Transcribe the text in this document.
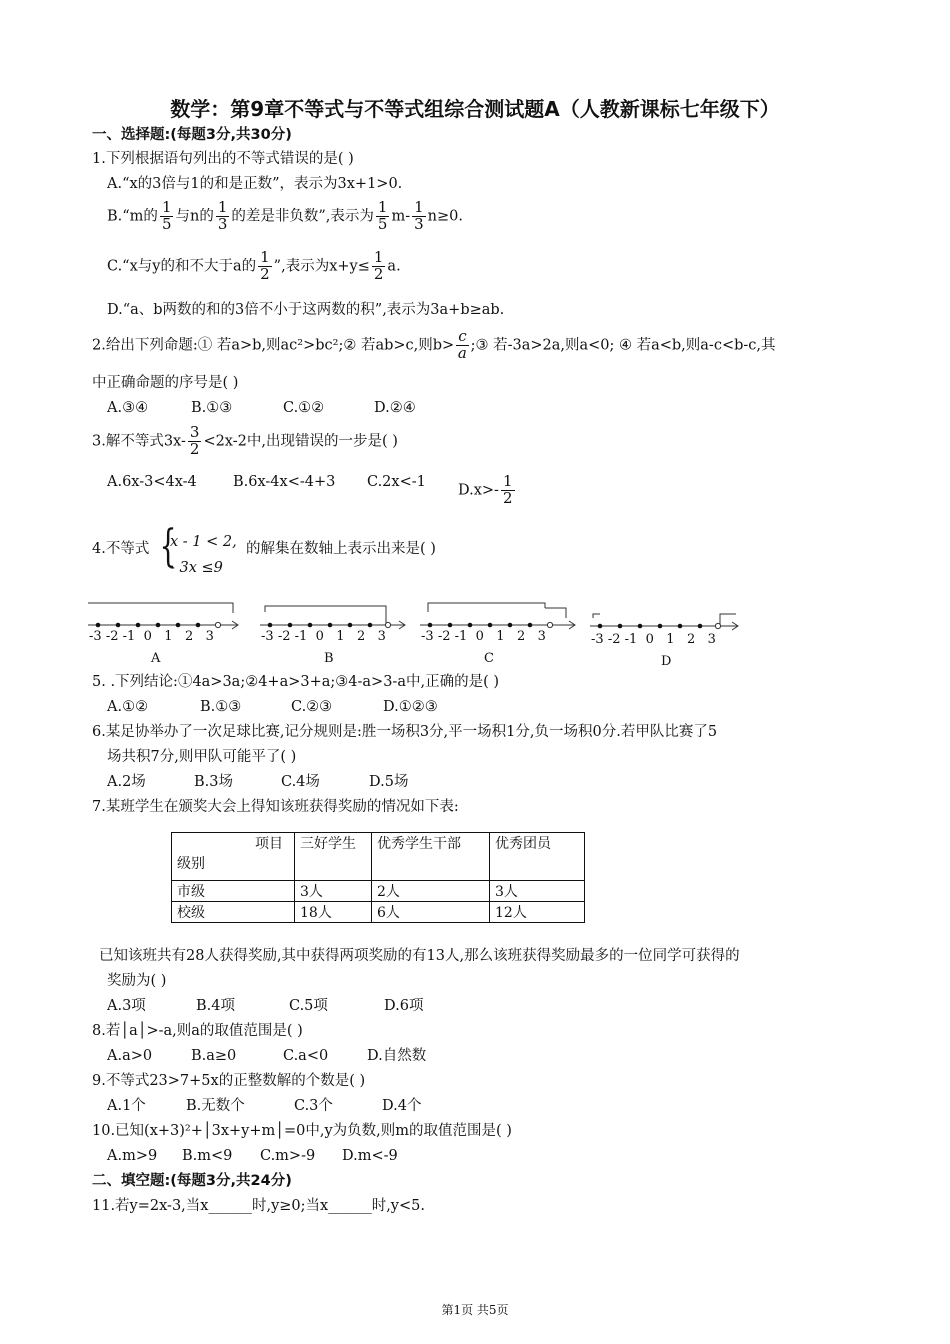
数学：第9章不等式与不等式组综合测试题A（人教新课标七年级下）
一、选择题:(每题3分,共30分)
1.下列根据语句列出的不等式错误的是( )
A.“x的3倍与1的和是正数”，表示为3x+1>0.
B.“m的 $\frac{1}{5}$ 与n的 $\frac{1}{3}$ 的差是非负数”,表示为 $\frac{1}{5} m- \frac{1}{3} n\ge 0$.
C.“x与y的和不大于a的 $\frac{1}{2}$ ”,表示为$x+y\le \frac{1}{2} a$.
D.“a、b两数的和的3倍不小于这两数的积”,表示为3a+b≥ab.
2.给出下列命题:① 若a>b,则ac²>bc²;② 若ab>c,则$b> \frac{c}{a}$ ;③ 若-3a>2a,则a<0; ④ 若a<b,则a-c<b-c,其
中正确命题的序号是( )
A.③④	B.①③	C.①②	D.②④
3.解不等式$3x- \frac{3}{2} <2x-2$中,出现错误的一步是( )
A.6x-3<4x-4 B.6x-4x<-4+3 C.2x<-1
$D.x>- \frac{1}{2}$
4.不等式 {
x - 1 < 2,
- 3x ≤9
的解集在数轴上表示出来是( )
-3 -2 -1 0 1 2 3	-3 -2 -1 0 1 2 3	-3 -2 -1 0 1 2 3	-3 -2 -1 0 1 2 3
A	B	C	D
5. .下列结论:①4a>3a;②4+a>3+a;③4-a>3-a中,正确的是( )
A.①②	B.①③	C.②③	D.①②③
6.某足协举办了一次足球比赛,记分规则是:胜一场积3分,平一场积1分,负一场积0分.若甲队比赛了5
场共积7分,则甲队可能平了( )
A.2场	B.3场	C.4场	D.5场
7.某班学生在颁奖大会上得知该班获得奖励的情况如下表:
项目
级别	三好学生	优秀学生干部	优秀团员
市级	3人	2人	3人
校级	18人	6人	12人
已知该班共有28人获得奖励,其中获得两项奖励的有13人,那么该班获得奖励最多的一位同学可获得的
奖励为( )
A.3项	B.4项	C.5项	D.6项
8.若│a│>-a,则a的取值范围是( )
A.a>0	B.a≥0	C.a<0	D.自然数
9.不等式23>7+5x的正整数解的个数是( )
A.1个	B.无数个	C.3个	D.4个
10.已知(x+3)²+│3x+y+m│=0中,y为负数,则m的取值范围是( )
A.m>9 B.m<9 C.m>-9 D.m<-9
二、填空题:(每题3分,共24分)
11.若y=2x-3,当x______时,y≥0;当x______时,y<5.
第1页 共5页
